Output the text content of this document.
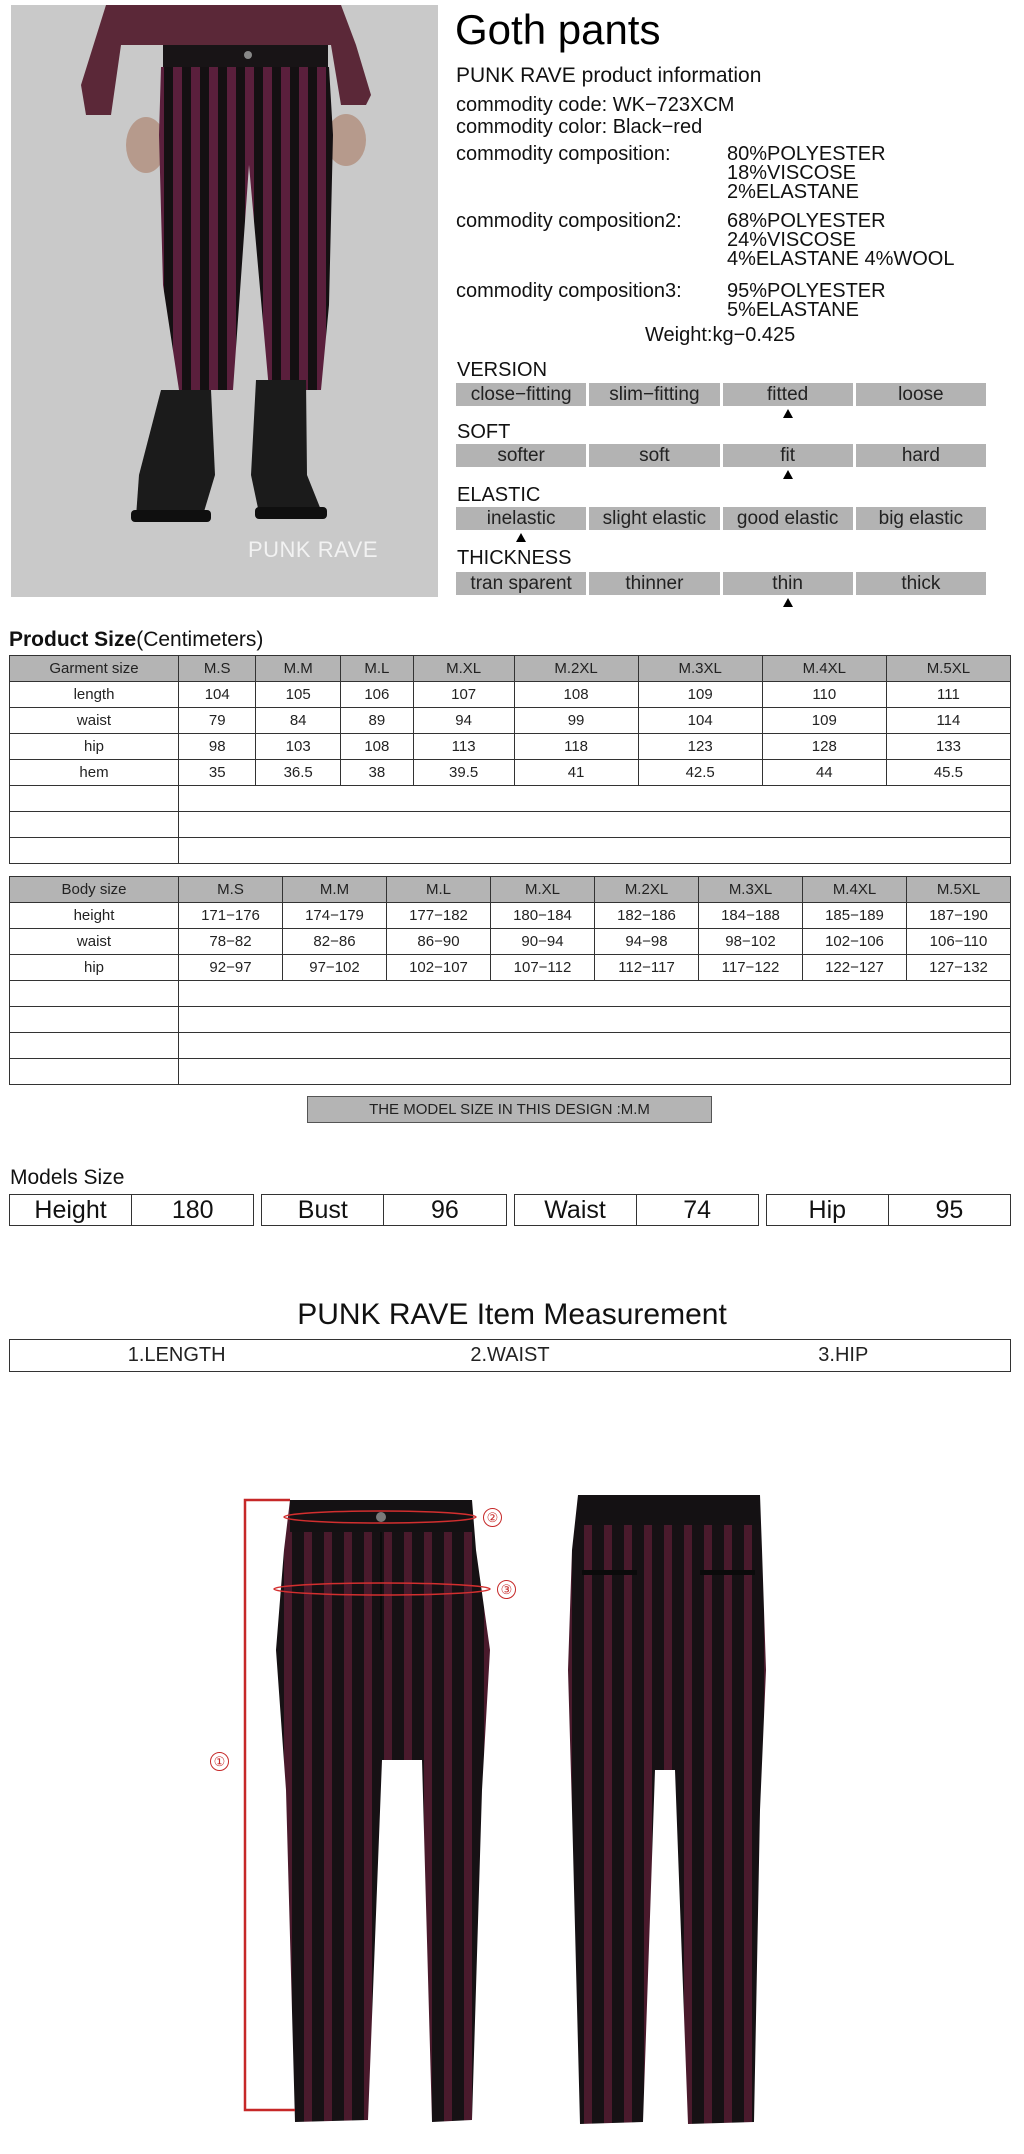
PUNK RAVE
Goth pants
PUNK RAVE product information
commodity code: WK−723XCM
commodity color: Black−red
commodity composition:	80%POLYESTER
18%VISCOSE
2%ELASTANE
commodity composition2: 68%POLYESTER
24%VISCOSE
4%ELASTANE 4%WOOL
commodity composition3: 95%POLYESTER
5%ELASTANE
Weight:kg−0.425
VERSION
close−fitting	slim−fitting	fitted	loose
SOFT
softer	soft	fit	hard
ELASTIC
inelastic	slight elastic	good elastic	big elastic
THICKNESS
tran sparent	thinner	thin	thick
Product Size(Centimeters)
Garment size	M.S	M.M	M.L	M.XL	M.2XL	M.3XL	M.4XL	M.5XL
length	104	105	106	107	108	109	110	111
waist	79	84	89	94	99	104	109	114
hip	98	103	108	113	118	123	128	133
hem	35	36.5	38	39.5	41	42.5	44	45.5

Body size	M.S	M.M	M.L	M.XL	M.2XL	M.3XL	M.4XL	M.5XL
height	171−176	174−179	177−182	180−184	182−186	184−188	185−189	187−190
waist	78−82	82−86	86−90	90−94	94−98	98−102	102−106	106−110
hip	92−97	97−102	102−107	107−112	112−117	117−122	122−127	127−132

THE MODEL SIZE IN THIS DESIGN :M.M
Models Size
Height	180	Bust	96	Waist	74	Hip	95
PUNK RAVE Item Measurement
1.LENGTH	2.WAIST	3.HIP
①
②
③
